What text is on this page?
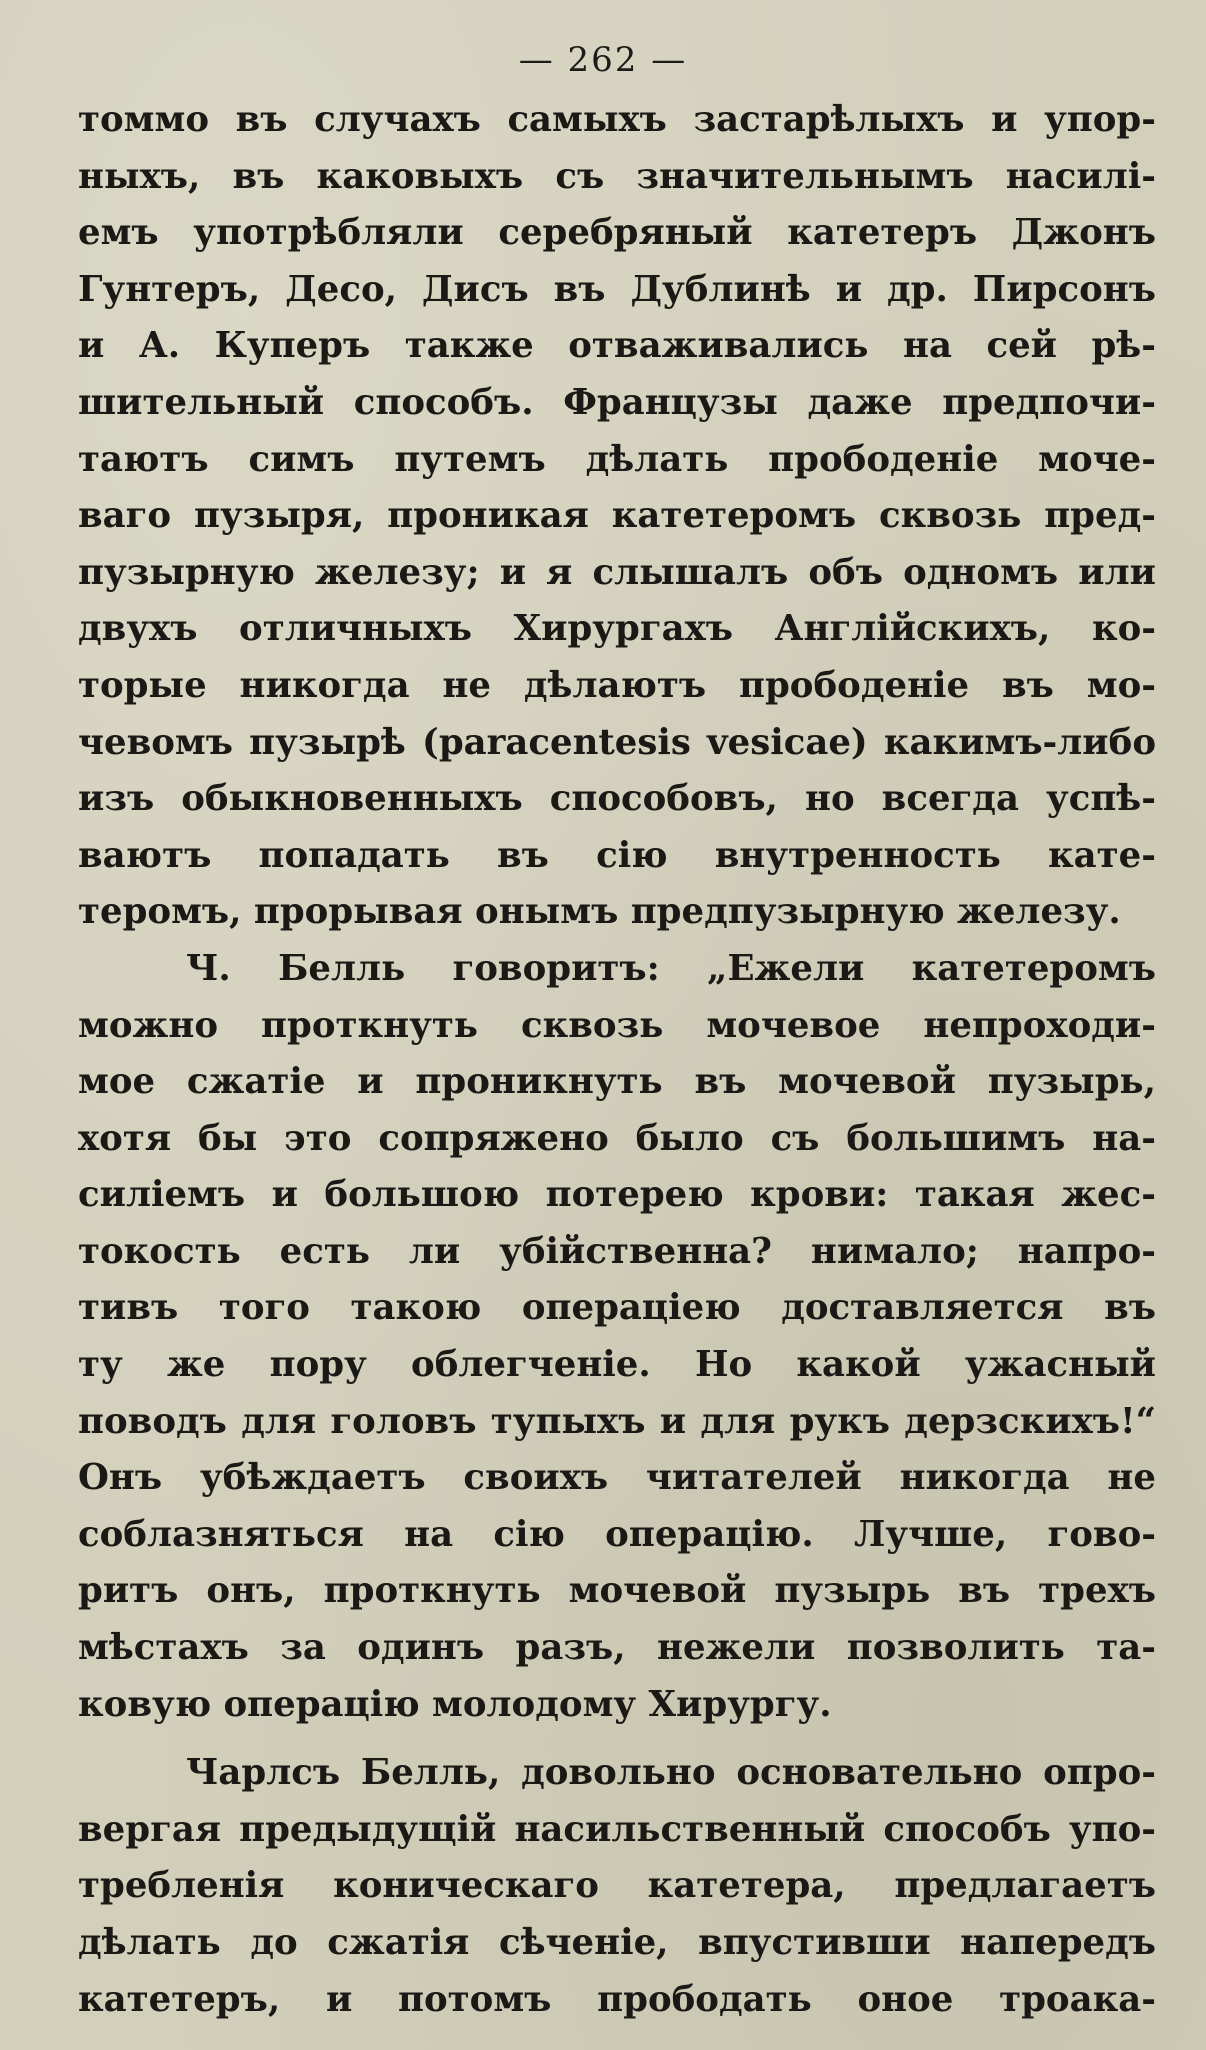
— 262 —
томмо въ случахъ самыхъ застарѣлыхъ и упор-
ныхъ, въ каковыхъ съ значительнымъ насилі-
емъ употрѣбляли серебряный катетеръ Джонъ
Гунтеръ, Десо, Дисъ въ Дублинѣ и др. Пирсонъ
и А. Куперъ также отваживались на сей рѣ-
шительный способъ. Французы даже предпочи-
таютъ симъ путемъ дѣлать прободеніе моче-
ваго пузыря, проникая катетеромъ сквозь пред-
пузырную железу; и я слышалъ объ одномъ или
двухъ отличныхъ Хирургахъ Англійскихъ, ко-
торые никогда не дѣлаютъ прободеніе въ мо-
чевомъ пузырѣ (paracentesis vesicae) какимъ-либо
изъ обыкновенныхъ способовъ, но всегда успѣ-
ваютъ попадать въ сію внутренность кате-
теромъ, прорывая онымъ предпузырную железу.
Ч. Белль говоритъ: „Ежели катетеромъ
можно проткнуть сквозь мочевое непроходи-
мое сжатіе и проникнуть въ мочевой пузырь,
хотя бы это сопряжено было съ большимъ на-
силіемъ и большою потерею крови: такая жес-
токость есть ли убійственна? нимало; напро-
тивъ того такою операціею доставляется въ
ту же пору облегченіе. Но какой ужасный
поводъ для головъ тупыхъ и для рукъ дерзскихъ!“
Онъ убѣждаетъ своихъ читателей никогда не
соблазняться на сію операцію. Лучше, гово-
ритъ онъ, проткнуть мочевой пузырь въ трехъ
мѣстахъ за одинъ разъ, нежели позволить та-
ковую операцію молодому Хирургу.
Чарлсъ Белль, довольно основательно опро-
вергая предыдущій насильственный способъ упо-
требленія коническаго катетера, предлагаетъ
дѣлать до сжатія сѣченіе, впустивши напередъ
катетеръ, и потомъ прободать оное троака-
